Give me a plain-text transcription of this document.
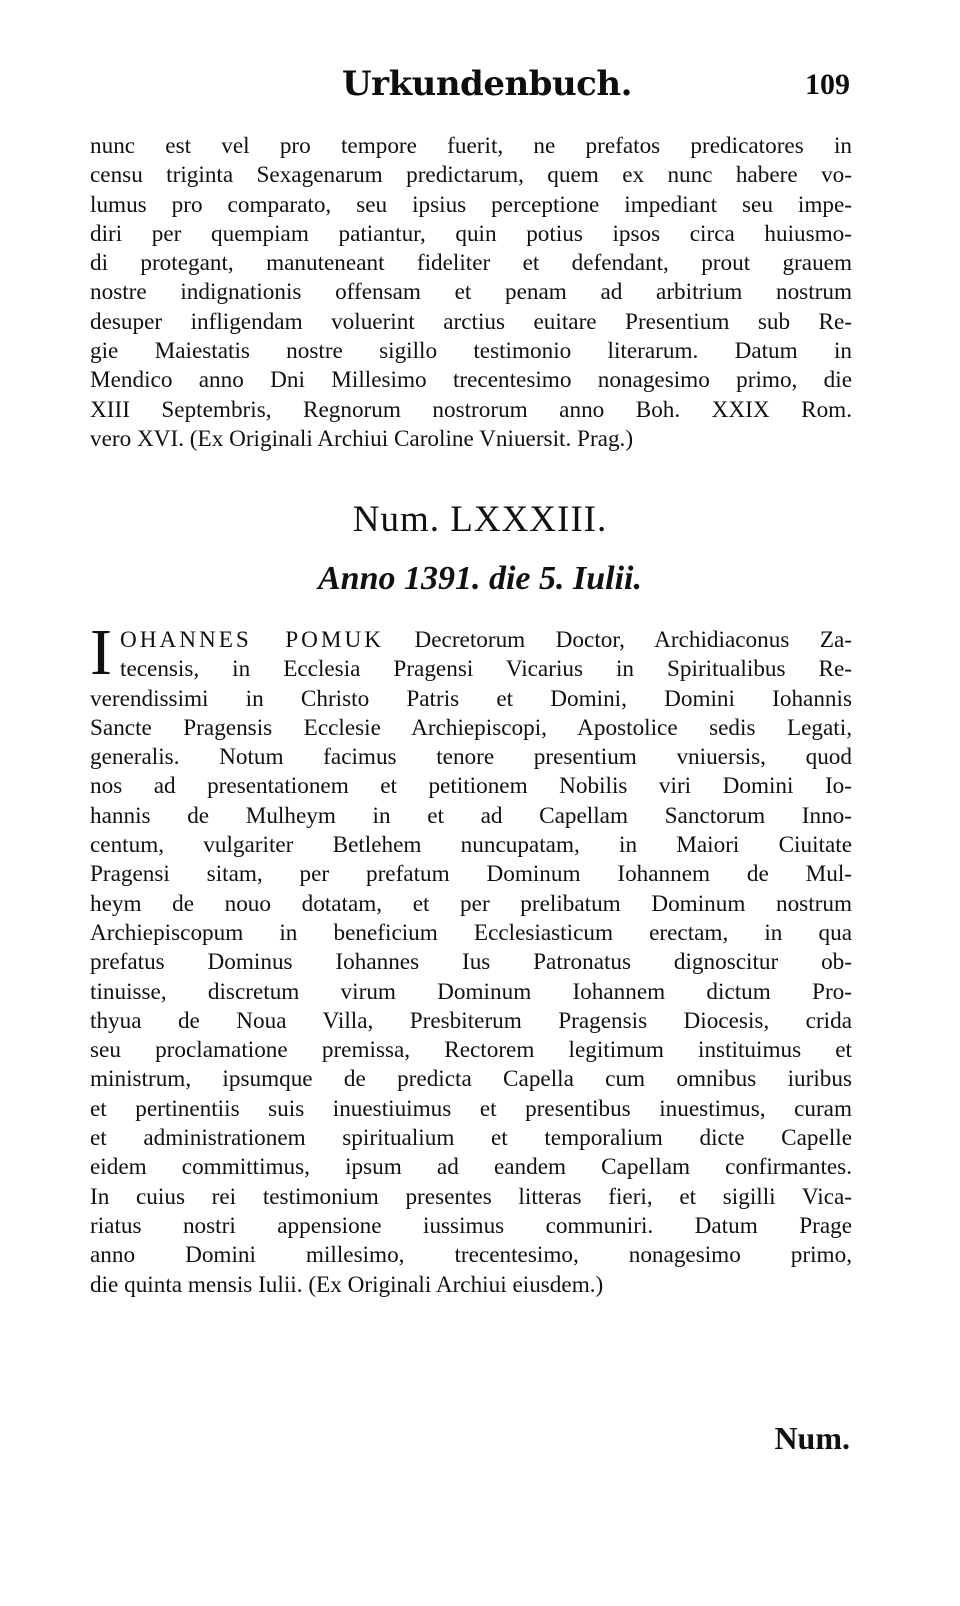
Urkundenbuch.	109
nunc est vel pro tempore fuerit, ne prefatos predicatores in
censu triginta Sexagenarum predictarum, quem ex nunc habere vo-
lumus pro comparato, seu ipsius perceptione impediant seu impe-
diri per quempiam patiantur, quin potius ipsos circa huiusmo-
di protegant, manuteneant fideliter et defendant, prout grauem
nostre indignationis offensam et penam ad arbitrium nostrum
desuper infligendam voluerint arctius euitare Presentium sub Re-
gie Maiestatis nostre sigillo testimonio literarum. Datum in
Mendico anno Dni Millesimo trecentesimo nonagesimo primo, die
XIII Septembris, Regnorum nostrorum anno Boh. XXIX Rom.
vero XVI. (Ex Originali Archiui Caroline Vniuersit. Prag.)
Num. LXXXIII.
Anno 1391. die 5. Iulii.
I OHANNES POMUK Decretorum Doctor, Archidiaconus Za-
tecensis, in Ecclesia Pragensi Vicarius in Spiritualibus Re-
verendissimi in Christo Patris et Domini, Domini Iohannis
Sancte Pragensis Ecclesie Archiepiscopi, Apostolice sedis Legati,
generalis. Notum facimus tenore presentium vniuersis, quod
nos ad presentationem et petitionem Nobilis viri Domini Io-
hannis de Mulheym in et ad Capellam Sanctorum Inno-
centum, vulgariter Betlehem nuncupatam, in Maiori Ciuitate
Pragensi sitam, per prefatum Dominum Iohannem de Mul-
heym de nouo dotatam, et per prelibatum Dominum nostrum
Archiepiscopum in beneficium Ecclesiasticum erectam, in qua
prefatus Dominus Iohannes Ius Patronatus dignoscitur ob-
tinuisse, discretum virum Dominum Iohannem dictum Pro-
thyua de Noua Villa, Presbiterum Pragensis Diocesis, crida
seu proclamatione premissa, Rectorem legitimum instituimus et
ministrum, ipsumque de predicta Capella cum omnibus iuribus
et pertinentiis suis inuestiuimus et presentibus inuestimus, curam
et administrationem spiritualium et temporalium dicte Capelle
eidem committimus, ipsum ad eandem Capellam confirmantes.
In cuius rei testimonium presentes litteras fieri, et sigilli Vica-
riatus nostri appensione iussimus communiri. Datum Prage
anno Domini millesimo, trecentesimo, nonagesimo primo,
die quinta mensis Iulii. (Ex Originali Archiui eiusdem.)
Num.
